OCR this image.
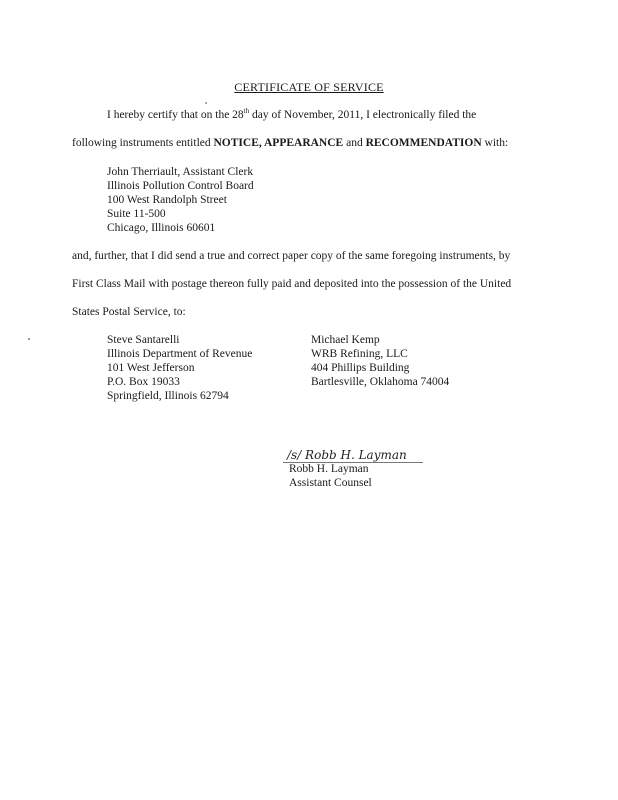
CERTIFICATE OF SERVICE
I hereby certify that on the 28th day of November, 2011, I electronically filed the
following instruments entitled NOTICE, APPEARANCE and RECOMMENDATION with:
John Therriault, Assistant Clerk
Illinois Pollution Control Board
100 West Randolph Street
Suite 11-500
Chicago, Illinois 60601
and, further, that I did send a true and correct paper copy of the same foregoing instruments, by
First Class Mail with postage thereon fully paid and deposited into the possession of the United
States Postal Service, to:
Steve Santarelli
Illinois Department of Revenue
101 West Jefferson
P.O. Box 19033
Springfield, Illinois 62794
Michael Kemp
WRB Refining, LLC
404 Phillips Building
Bartlesville, Oklahoma 74004
/s/ Robb H. Layman
Robb H. Layman
Assistant Counsel
